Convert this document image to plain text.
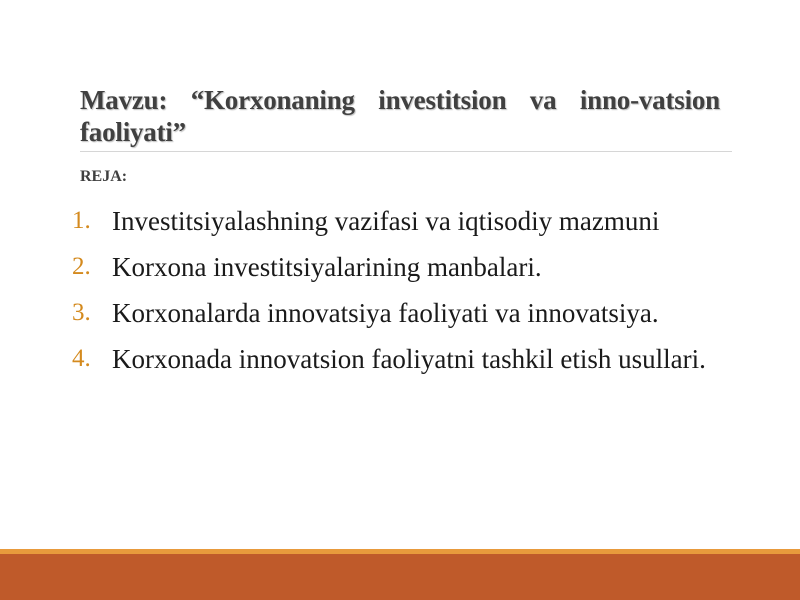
Mavzu: “Korxonaning investitsion va inno-vatsion faoliyati”
REJA:
1. Investitsiyalashning vazifasi va iqtisodiy mazmuni
2. Korxona investitsiyalarining manbalari.
3. Korxonalarda innovatsiya faoliyati va innovatsiya.
4. Korxonada innovatsion faoliyatni tashkil etish usullari.
